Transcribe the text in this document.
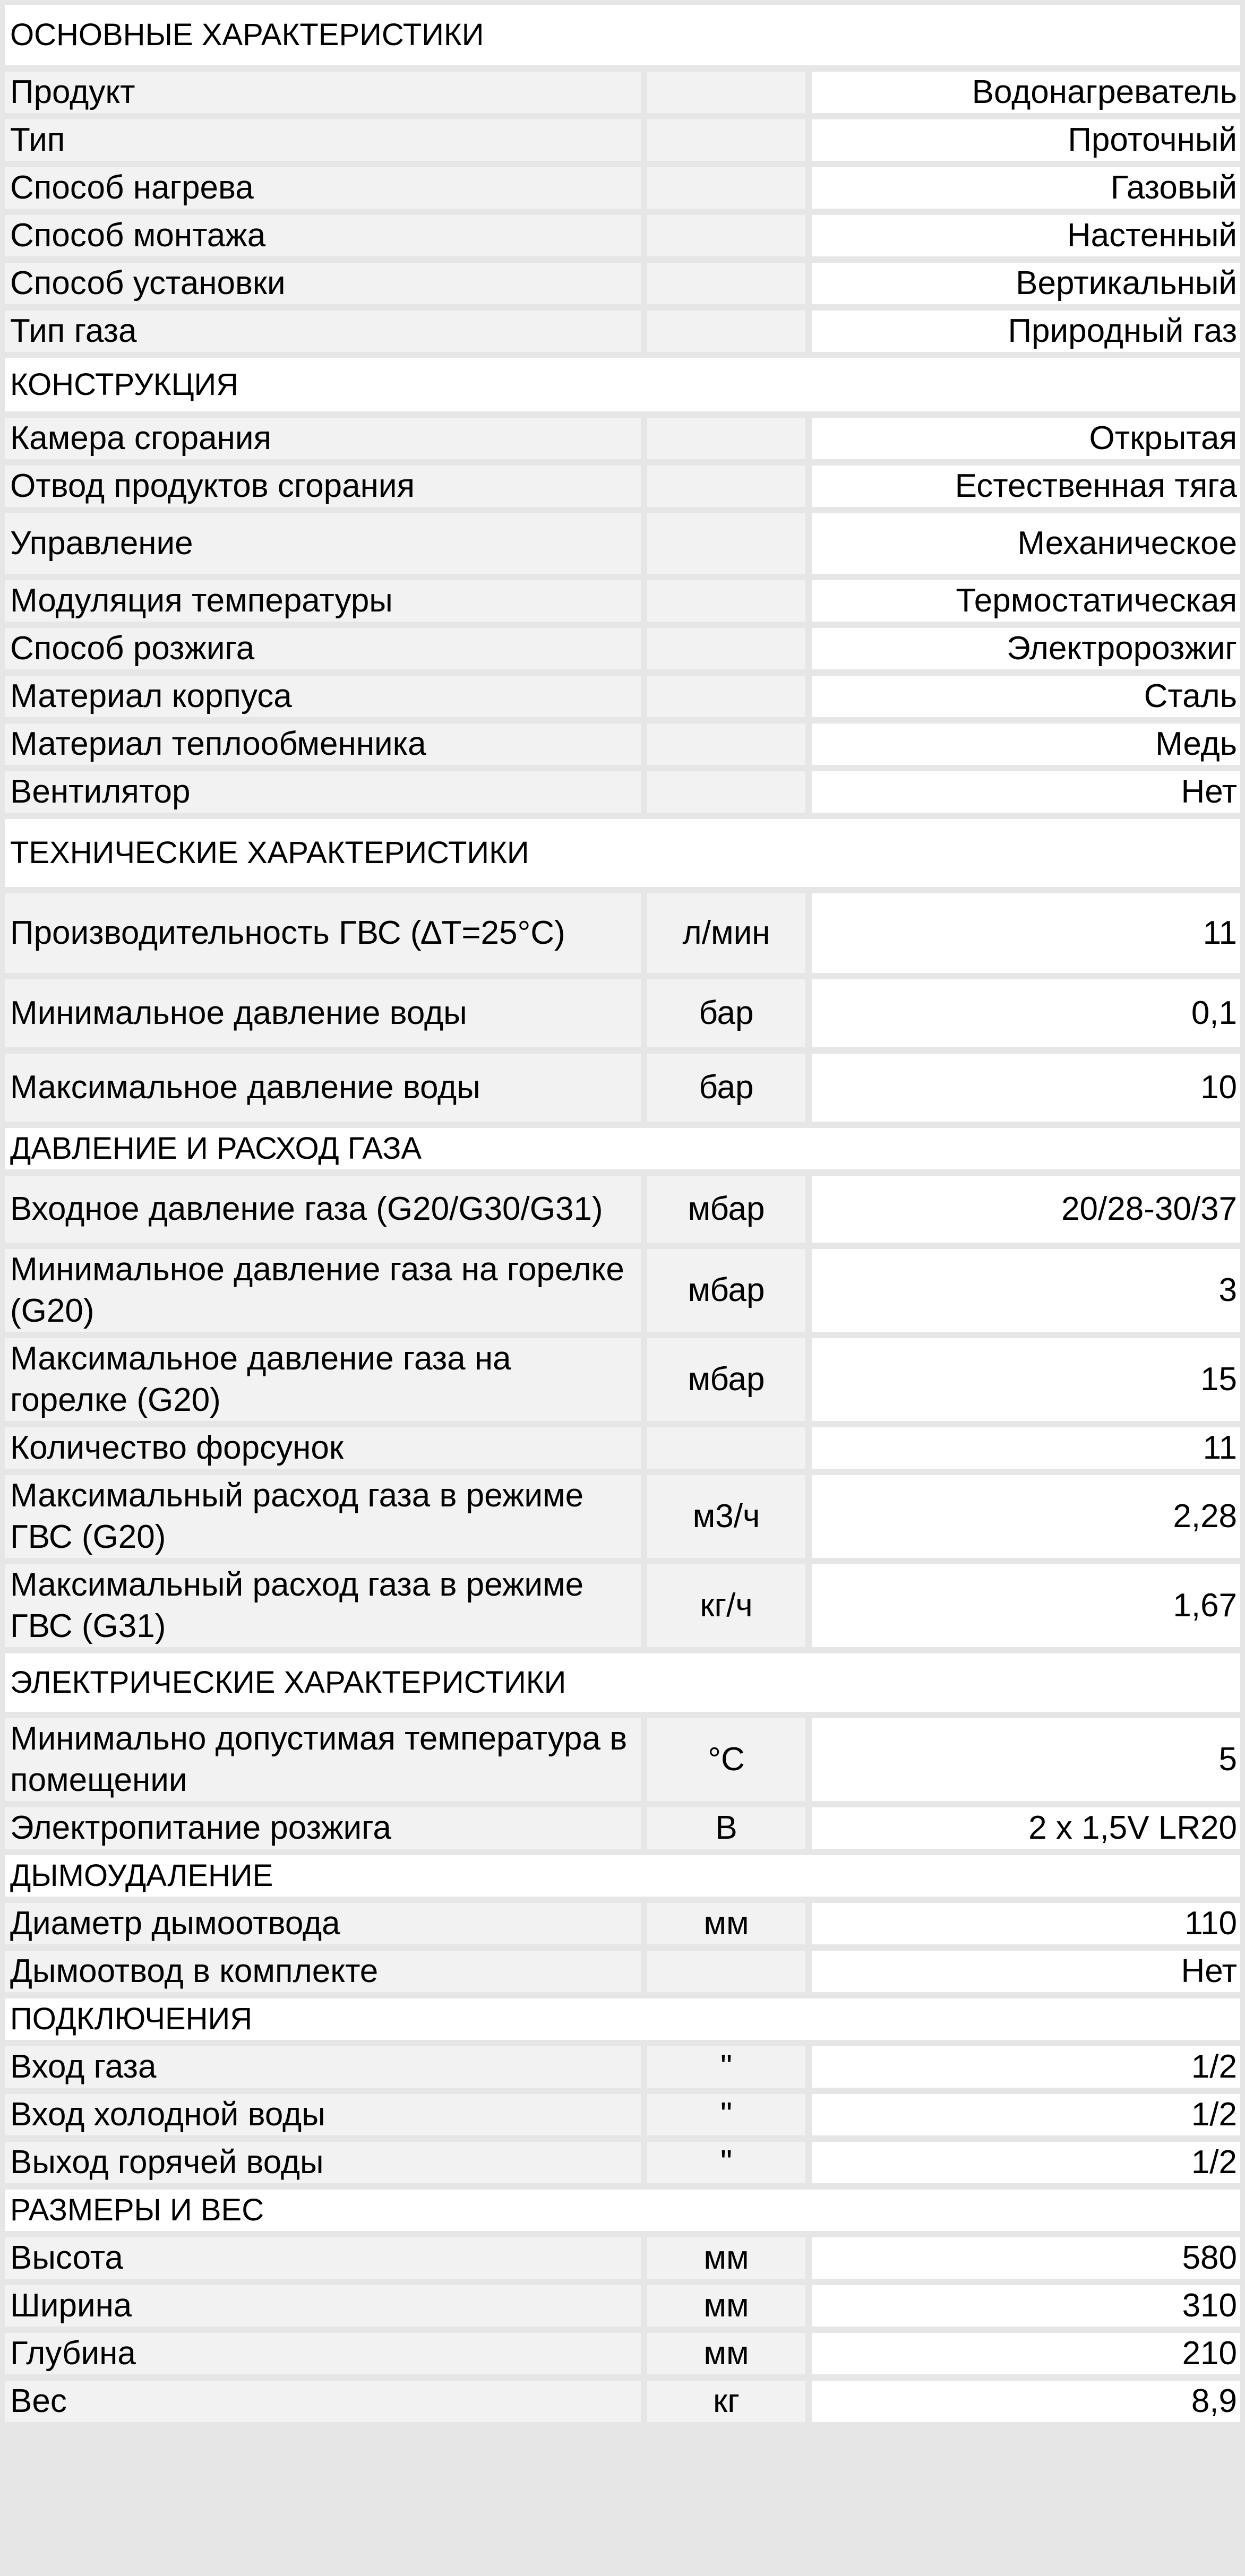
ОСНОВНЫЕ ХАРАКТЕРИСТИКИ		
Продукт		Водонагреватель
Тип		Проточный
Способ нагрева		Газовый
Способ монтажа		Настенный
Способ установки		Вертикальный
Тип газа		Природный газ
КОНСТРУКЦИЯ		
Камера сгорания		Открытая
Отвод продуктов сгорания		Естественная тяга
Управление		Механическое
Модуляция температуры		Термостатическая
Способ розжига		Электророзжиг
Материал корпуса		Сталь
Материал теплообменника		Медь
Вентилятор		Нет
ТЕХНИЧЕСКИЕ ХАРАКТЕРИСТИКИ		
Производительность ГВС (∆T=25°C)	л/мин	11
Минимальное давление воды	бар	0,1
Максимальное давление воды	бар	10
ДАВЛЕНИЕ И РАСХОД ГАЗА		
Входное давление газа (G20/G30/G31)	мбар	20/28-30/37
Минимальное давление газа на горелке (G20)	мбар	3
Максимальное давление газа на горелке (G20)	мбар	15
Количество форсунок		11
Максимальный расход газа в режиме ГВС (G20)	м3/ч	2,28
Максимальный расход газа в режиме ГВС (G31)	кг/ч	1,67
ЭЛЕКТРИЧЕСКИЕ ХАРАКТЕРИСТИКИ		
Минимально допустимая температура в помещении	°C	5
Электропитание розжига	В	2 x 1,5V LR20
ДЫМОУДАЛЕНИЕ		
Диаметр дымоотвода	мм	110
Дымоотвод в комплекте		Нет
ПОДКЛЮЧЕНИЯ		
Вход газа	"	1/2
Вход холодной воды	"	1/2
Выход горячей воды	"	1/2
РАЗМЕРЫ И ВЕС		
Высота	мм	580
Ширина	мм	310
Глубина	мм	210
Вес	кг	8,9
